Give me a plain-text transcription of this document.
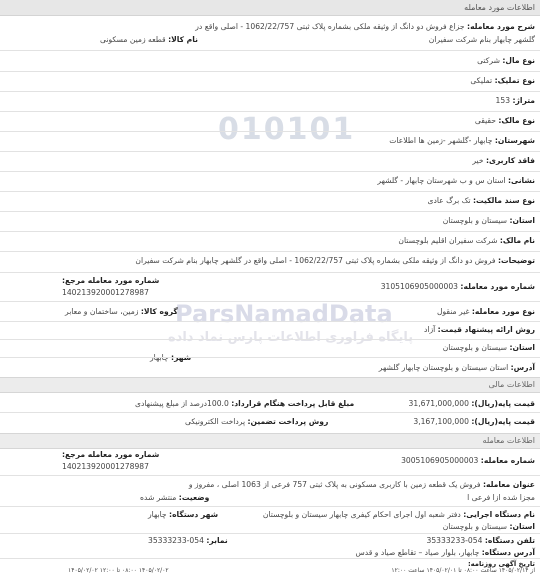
010101
ParsNamadData
پایگاه فراوری اطلاعات پارس نماد داده
اطلاعات مورد معامله
شرح مورد معامله: جزاع فروش دو دانگ از وثیقه ملکی بشماره پلاک ثبتی 1062/22/757 - اصلی واقع در
گلشهر چابهار بنام شرکت سفیران
نام کالا: قطعه زمین مسکونی
نوع مال: شرکتی
نوع تملیک: تملیکی
متراژ: 153
نوع مالک: حقیقی
شهرستان: چابهار -گلشهر -زمین ها اطلاعات
فاقد کاربری: خیر
نشانی: استان س و ب شهرستان چابهار - گلشهر
نوع سند مالکیت: تک برگ عادی
استان: سیستان و بلوچستان
نام مالک: شرکت سفیران اقلیم بلوچستان
توضیحات: فروش دو دانگ از وثیقه ملکی بشماره پلاک ثبتی 1062/22/757 - اصلی واقع در گلشهر چابهار بنام شرکت سفیران
شماره مورد معامله مرجع:
140213920001278987
شماره مورد معامله: 3105106905000003
گروه کالا: زمین، ساختمان و معابر	نوع مورد معامله: غیر منقول
روش ارائه پیشنهاد قیمت: آزاد
استان: سیستان و بلوچستان
شهر: چابهار
آدرس: استان سیستان و بلوچستان چابهار گلشهر
اطلاعات مالی
قیمت پایه(ریال): 31,671,000,000
مبلغ قابل پرداخت هنگام قرارداد: 100.0درصد از مبلغ پیشنهادی
قیمت پایه(ریال): 3,167,100,000
روش پرداخت تضمین: پرداخت الکترونیکی
اطلاعات معامله
شماره مورد معامله مرجع:
140213920001278987
شماره معامله: 3005106905000003
عنوان معامله: فروش یک قطعه زمین با کاربری مسکونی به پلاک ثبتی 757 فرعی از 1063 اصلی ، مفروز و
مجزا شده ازا فرعی ا
وضعیت: منتشر شده
نام دستگاه اجرایی: دفتر شعبه اول اجرای احکام کیفری چابهار سیستان و بلوچستان
شهر دستگاه: چابهار
استان: سیستان و بلوچستان
تلفن دستگاه: 054-35333233
نمابر: 054-35333233
آدرس دستگاه: چابهار، بلوار صیاد – تقاطع صیاد و قدس
تاریخ آگهی روزنامه:
از ۱۴۰۵/۰۲/۱۴ ساعت ۰۸:۰۰ تا ۱۴۰۵/۰۲/۰۱ ساعت ۱۲:۰۰
۱۴۰۵/۰۲/۰۲ ۰۸:۰۰ تا ۱۲:۰۰ ۱۴۰۵/۰۲/۰۲
